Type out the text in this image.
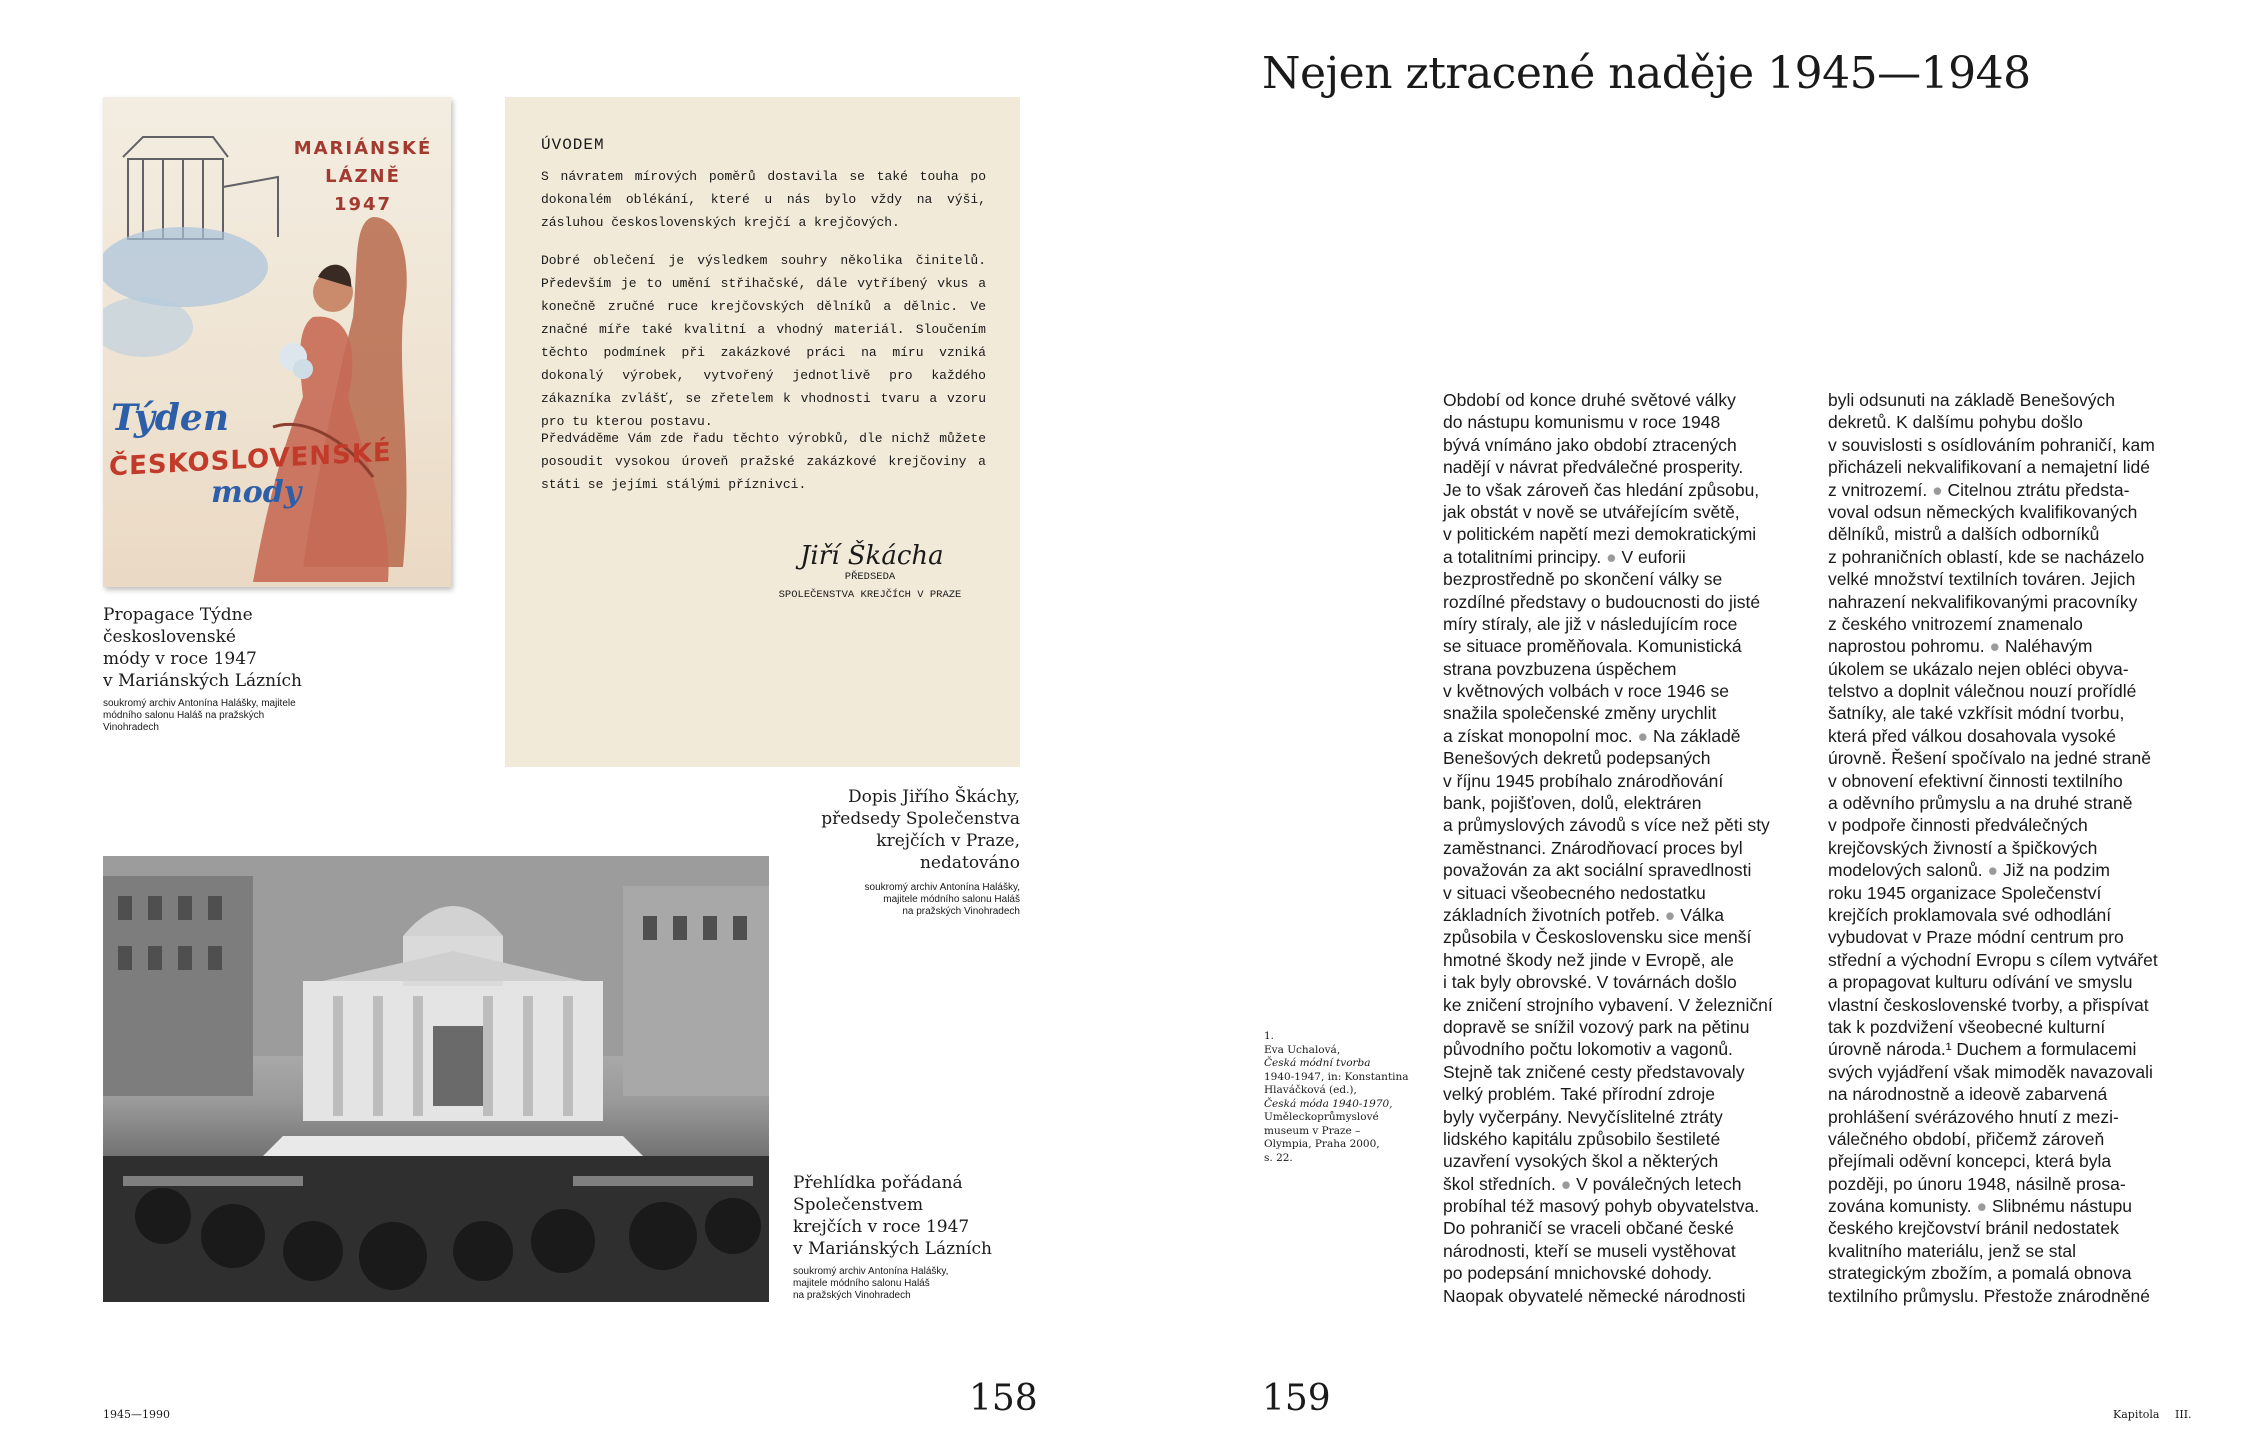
MARIÁNSKÉ LÁZNĚ
1947
Týden
ČESKOSLOVENSKÉ
mody
ÚVODEM
S návratem mírových poměrů dostavila se také touha po dokonalém oblékání, které u nás bylo vždy na výši, zásluhou československých krejčí a krejčových.
Dobré oblečení je výsledkem souhry několika činitelů. Především je to umění střihačské, dále vytříbený vkus a konečně zručné ruce krejčovských dělníků a dělnic. Ve značné míře také kvalitní a vhodný materiál. Sloučením těchto podmínek při zakázkové práci na míru vzniká dokonalý výrobek, vytvořený jednotlivě pro každého zákazníka zvlášť, se zřetelem k vhodnosti tvaru a vzoru pro tu kterou postavu.
Předváděme Vám zde řadu těchto výrobků, dle nichž můžete posoudit vysokou úroveň pražské zakázkové krejčoviny a státi se jejími stálými příznivci.
Jiří Škácha
PŘEDSEDA
SPOLEČENSTVA KREJČÍCH V PRAZE
Propagace Týdne
československé
módy v roce 1947
v Mariánských Lázních
soukromý archiv Antonína Halášky, majitele
módního salonu Haláš na pražských
Vinohradech
Dopis Jiřího Škáchy,
předsedy Společenstva
krejčích v Praze,
nedatováno
soukromý archiv Antonína Halášky,
majitele módního salonu Haláš
na pražských Vinohradech
Přehlídka pořádaná
Společenstvem
krejčích v roce 1947
v Mariánských Lázních
soukromý archiv Antonína Halášky,
majitele módního salonu Haláš
na pražských Vinohradech
1945—1990	158
Nejen ztracené naděje 1945—1948
Období od konce druhé světové války
do nástupu komunismu v roce 1948
bývá vnímáno jako období ztracených
nadějí v návrat předválečné prosperity.
Je to však zároveň čas hledání způsobu,
jak obstát v nově se utvářejícím světě,
v politickém napětí mezi demokratickými
a totalitními principy. ● V euforii
bezprostředně po skončení války se
rozdílné představy o budoucnosti do jisté
míry stíraly, ale již v následujícím roce
se situace proměňovala. Komunistická
strana povzbuzena úspěchem
v květnových volbách v roce 1946 se
snažila společenské změny urychlit
a získat monopolní moc. ● Na základě
Benešových dekretů podepsaných
v říjnu 1945 probíhalo znárodňování
bank, pojišťoven, dolů, elektráren
a průmyslových závodů s více než pěti sty
zaměstnanci. Znárodňovací proces byl
považován za akt sociální spravedlnosti
v situaci všeobecného nedostatku
základních životních potřeb. ● Válka
způsobila v Československu sice menší
hmotné škody než jinde v Evropě, ale
i tak byly obrovské. V továrnách došlo
ke zničení strojního vybavení. V železniční
dopravě se snížil vozový park na pětinu
původního počtu lokomotiv a vagonů.
Stejně tak zničené cesty představovaly
velký problém. Také přírodní zdroje
byly vyčerpány. Nevyčíslitelné ztráty
lidského kapitálu způsobilo šestileté
uzavření vysokých škol a některých
škol středních. ● V poválečných letech
probíhal též masový pohyb obyvatelstva.
Do pohraničí se vraceli občané české
národnosti, kteří se museli vystěhovat
po podepsání mnichovské dohody.
Naopak obyvatelé německé národnosti
byli odsunuti na základě Benešových
dekretů. K dalšímu pohybu došlo
v souvislosti s osídlováním pohraničí, kam
přicházeli nekvalifikovaní a nemajetní lidé
z vnitrozemí. ● Citelnou ztrátu předsta-
voval odsun německých kvalifikovaných
dělníků, mistrů a dalších odborníků
z pohraničních oblastí, kde se nacházelo
velké množství textilních továren. Jejich
nahrazení nekvalifikovanými pracovníky
z českého vnitrozemí znamenalo
naprostou pohromu. ● Naléhavým
úkolem se ukázalo nejen obléci obyva-
telstvo a doplnit válečnou nouzí prořídlé
šatníky, ale také vzkřísit módní tvorbu,
která před válkou dosahovala vysoké
úrovně. Řešení spočívalo na jedné straně
v obnovení efektivní činnosti textilního
a oděvního průmyslu a na druhé straně
v podpoře činnosti předválečných
krejčovských živností a špičkových
modelových salonů. ● Již na podzim
roku 1945 organizace Společenství
krejčích proklamovala své odhodlání
vybudovat v Praze módní centrum pro
střední a východní Evropu s cílem vytvářet
a propagovat kulturu odívání ve smyslu
vlastní československé tvorby, a přispívat
tak k pozdvižení všeobecné kulturní
úrovně národa.¹ Duchem a formulacemi
svých vyjádření však mimoděk navazovali
na národnostně a ideově zabarvená
prohlášení svérázového hnutí z mezi-
válečného období, přičemž zároveň
přejímali oděvní koncepci, která byla
později, po únoru 1948, násilně prosa-
zována komunisty. ● Slibnému nástupu
českého krejčovství bránil nedostatek
kvalitního materiálu, jenž se stal
strategickým zbožím, a pomalá obnova
textilního průmyslu. Přestože znárodněné
1.
Eva Uchalová,
Česká módní tvorba
1940-1947, in: Konstantina
Hlaváčková (ed.),
Česká móda 1940-1970,
Uměleckoprůmyslové
museum v Praze –
Olympia, Praha 2000,
s. 22.
159	Kapitola III.
